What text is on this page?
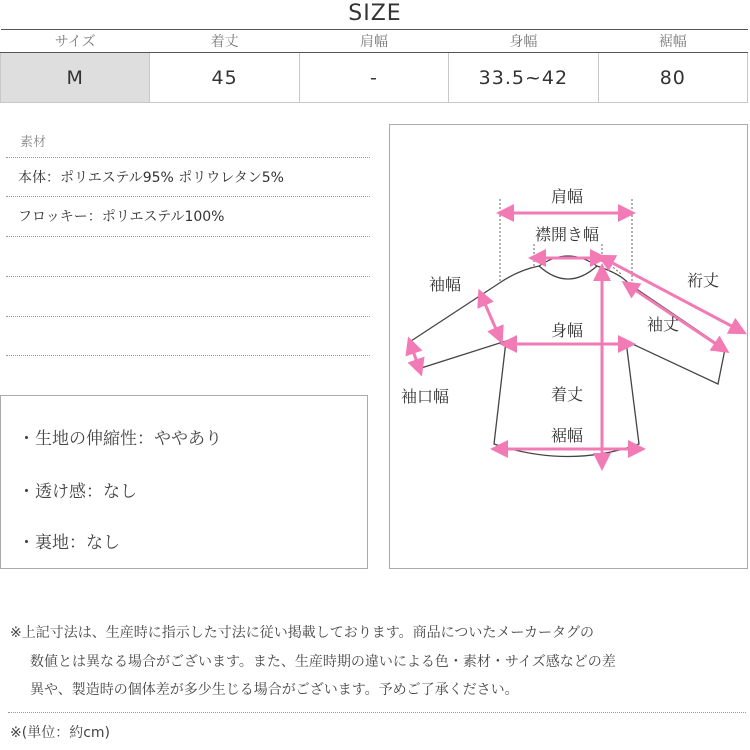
SIZE
サイズ	着丈	肩幅	身幅	裾幅
M	45	-	33.5~42	80
素材
本体：ポリエステル95% ポリウレタン5%
フロッキー：ポリエステル100%
・生地の伸縮性：ややあり
・透け感：なし
・裏地：なし
肩幅
襟開き幅
裄丈
袖幅
袖丈
身幅
着丈
袖口幅
裾幅
※上記寸法は、生産時に指示した寸法に従い掲載しております。商品についたメーカータグの
数値とは異なる場合がございます。また、生産時期の違いによる色・素材・サイズ感などの差
異や、製造時の個体差が多少生じる場合がございます。予めご了承ください。
※(単位：約cm)
